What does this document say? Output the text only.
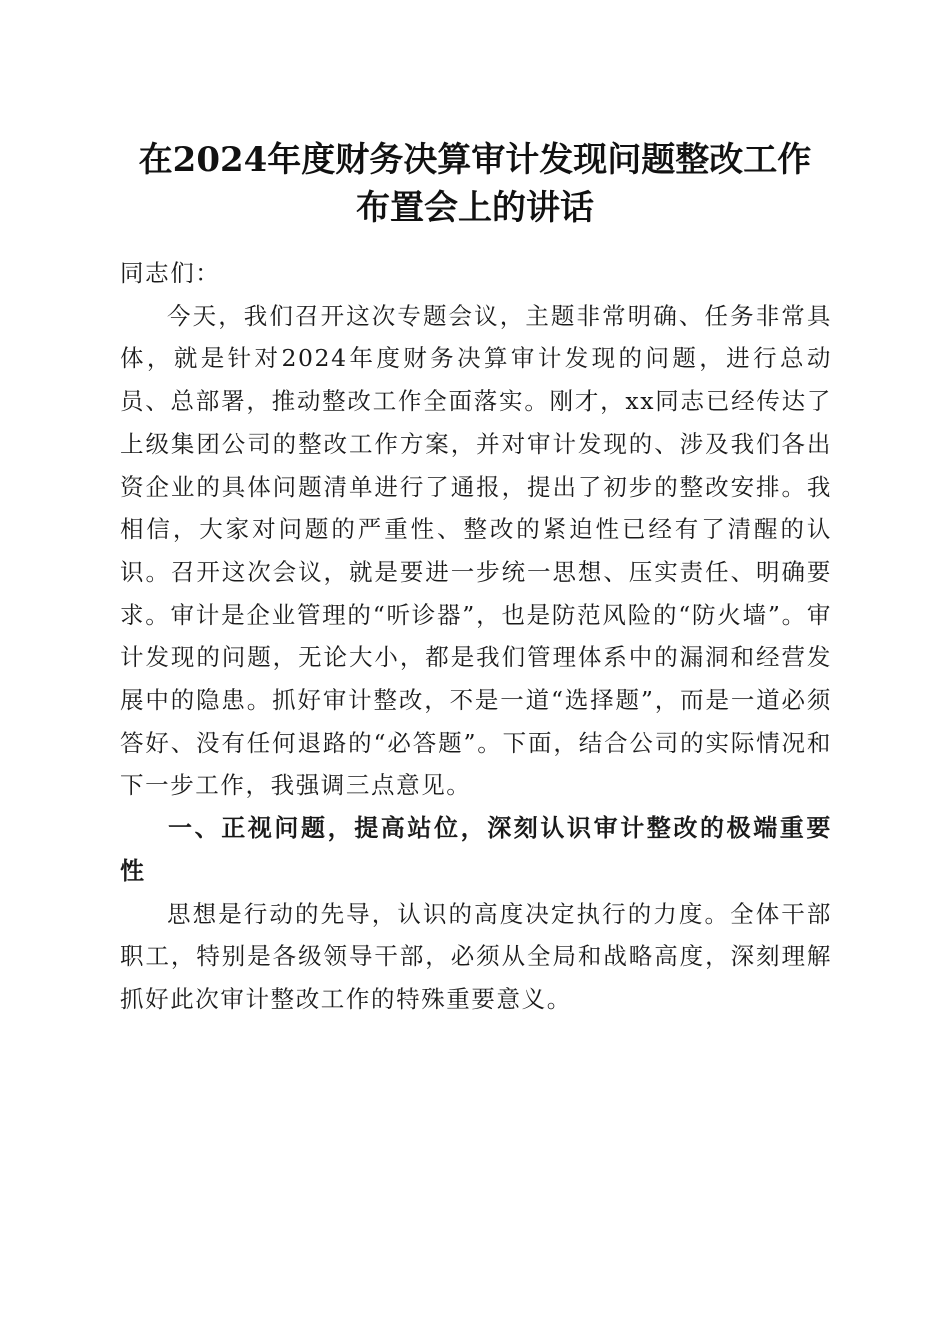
在2024年度财务决算审计发现问题整改工作
布置会上的讲话

同志们：

今天，我们召开这次专题会议，主题非常明确、任务非常具体，就是针对2024年度财务决算审计发现的问题，进行总动员、总部署，推动整改工作全面落实。刚才，xx同志已经传达了上级集团公司的整改工作方案，并对审计发现的、涉及我们各出资企业的具体问题清单进行了通报，提出了初步的整改安排。我相信，大家对问题的严重性、整改的紧迫性已经有了清醒的认识。召开这次会议，就是要进一步统一思想、压实责任、明确要求。审计是企业管理的“听诊器”，也是防范风险的“防火墙”。审计发现的问题，无论大小，都是我们管理体系中的漏洞和经营发展中的隐患。抓好审计整改，不是一道“选择题”，而是一道必须答好、没有任何退路的“必答题”。下面，结合公司的实际情况和下一步工作，我强调三点意见。

一、正视问题，提高站位，深刻认识审计整改的极端重要性

思想是行动的先导，认识的高度决定执行的力度。全体干部职工，特别是各级领导干部，必须从全局和战略高度，深刻理解抓好此次审计整改工作的特殊重要意义。
